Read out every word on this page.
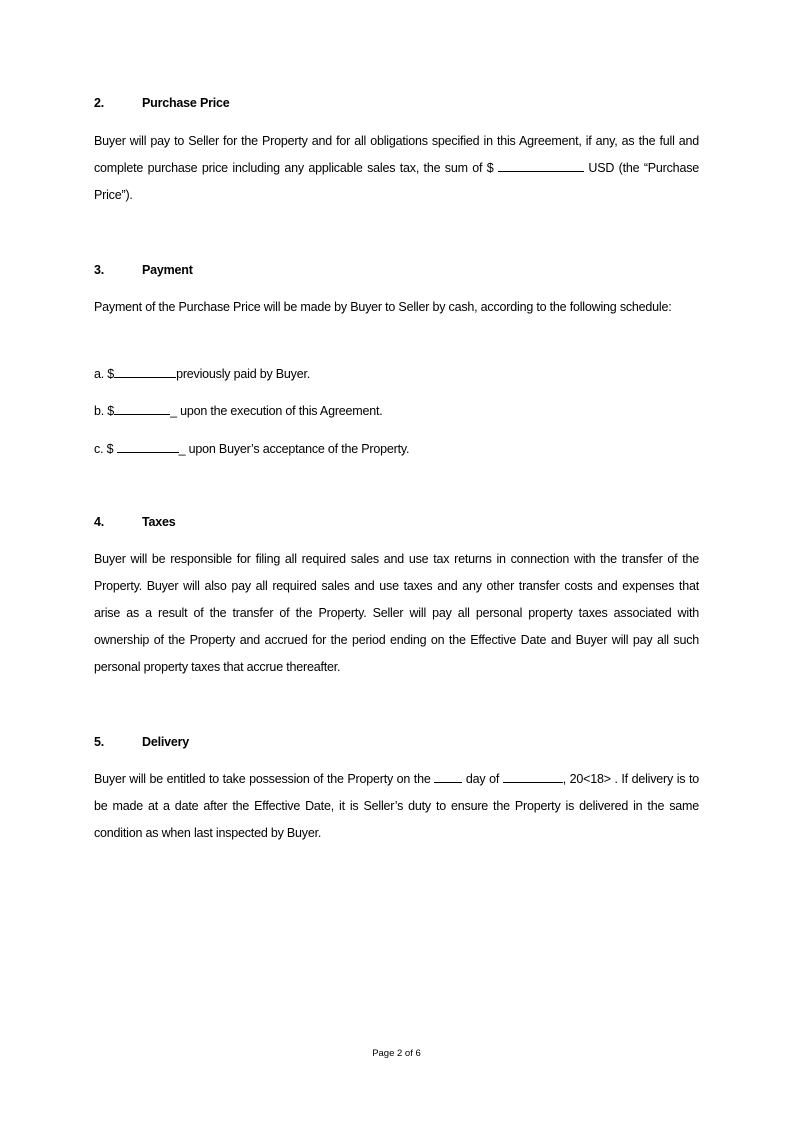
2.	Purchase Price
Buyer will pay to Seller for the Property and for all obligations specified in this Agreement, if any, as the full and complete purchase price including any applicable sales tax, the sum of $	USD (the “Purchase Price”).
3.	Payment
Payment of the Purchase Price will be made by Buyer to Seller by cash, according to the following schedule:
a. $	previously paid by Buyer.
b. $	_ upon the execution of this Agreement.
c. $	_ upon Buyer’s acceptance of the Property.
4.	Taxes
Buyer will be responsible for filing all required sales and use tax returns in connection with the transfer of the Property. Buyer will also pay all required sales and use taxes and any other transfer costs and expenses that arise as a result of the transfer of the Property. Seller will pay all personal property taxes associated with ownership of the Property and accrued for the period ending on the Effective Date and Buyer will pay all such personal property taxes that accrue thereafter.
5.	Delivery
Buyer will be entitled to take possession of the Property on the  day of	, 20<18> . If delivery is to be made at a date after the Effective Date, it is Seller’s duty to ensure the Property is delivered in the same condition as when last inspected by Buyer.
Page 2 of 6
